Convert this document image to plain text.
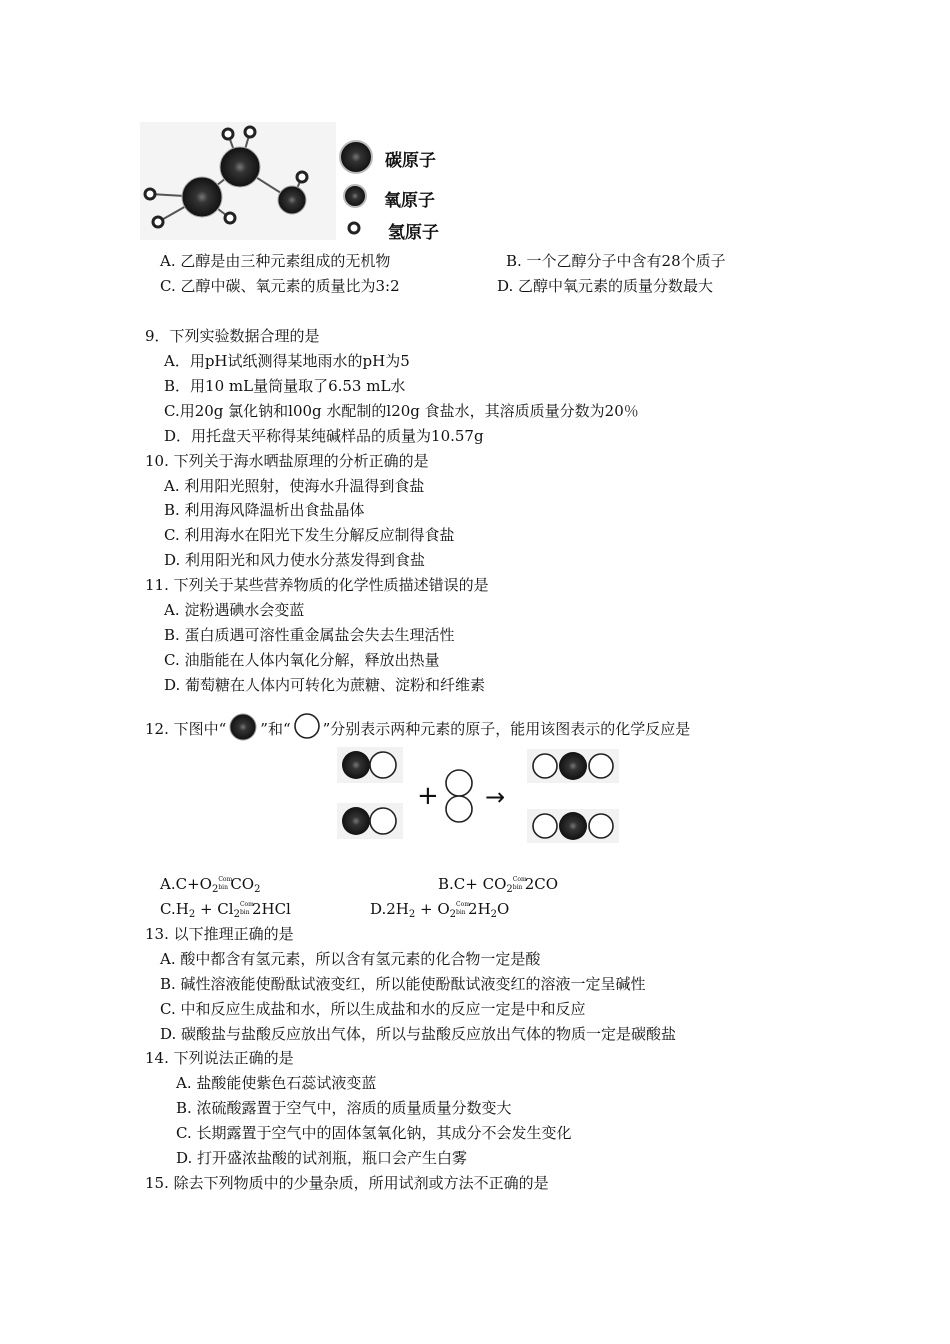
碳原子
氧原子
氢原子
A. 乙醇是由三种元素组成的无机物	B. 一个乙醇分子中含有28个质子
C. 乙醇中碳、氧元素的质量比为3:2	D. 乙醇中氧元素的质量分数最大
9．下列实验数据合理的是
A．用pH试纸测得某地雨水的pH为5
B．用10 mL量筒量取了6.53 mL水
C.用20g 氯化钠和l00g 水配制的l20g 食盐水，其溶质质量分数为20％
D．用托盘天平称得某纯碱样品的质量为10.57g
10. 下列关于海水晒盐原理的分析正确的是
A. 利用阳光照射，使海水升温得到食盐
B. 利用海风降温析出食盐晶体
C. 利用海水在阳光下发生分解反应制得食盐
D. 利用阳光和风力使水分蒸发得到食盐
11. 下列关于某些营养物质的化学性质描述错误的是
A. 淀粉遇碘水会变蓝
B. 蛋白质遇可溶性重金属盐会失去生理活性
C. 油脂能在人体内氧化分解，释放出热量
D. 葡萄糖在人体内可转化为蔗糖、淀粉和纤维素
12. 下图中“ ”和“ ”分别表示两种元素的原子，能用该图表示的化学反应是
+ →
$A.C+O_2$
Com
bin $CO_2$	$B.C+ CO_2$
Com
bin 2CO
$C.H_2 + Cl_2$
Com
bin 2HCl	$D.2H_2 + O_2$
Com
bin $2H_2O$
13. 以下推理正确的是
A. 酸中都含有氢元素，所以含有氢元素的化合物一定是酸
B. 碱性溶液能使酚酞试液变红，所以能使酚酞试液变红的溶液一定呈碱性
C. 中和反应生成盐和水，所以生成盐和水的反应一定是中和反应
D. 碳酸盐与盐酸反应放出气体，所以与盐酸反应放出气体的物质一定是碳酸盐
14. 下列说法正确的是
A. 盐酸能使紫色石蕊试液变蓝
B. 浓硫酸露置于空气中，溶质的质量质量分数变大
C. 长期露置于空气中的固体氢氧化钠，其成分不会发生变化
D. 打开盛浓盐酸的试剂瓶，瓶口会产生白雾
15. 除去下列物质中的少量杂质，所用试剂或方法不正确的是
